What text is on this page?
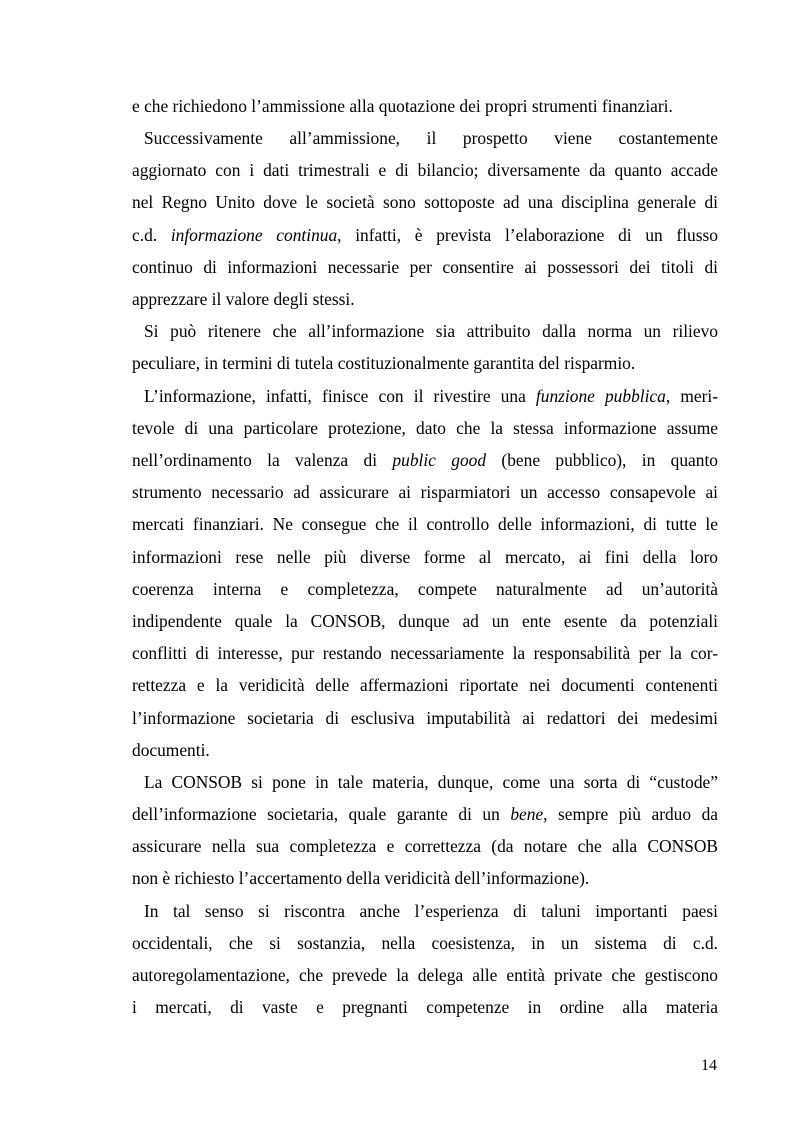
e che richiedono l’ammissione alla quotazione dei propri strumenti finanziari.

Successivamente all’ammissione, il prospetto viene costantemente

aggiornato con i dati trimestrali e di bilancio; diversamente da quanto accade

nel Regno Unito dove le società sono sottoposte ad una disciplina generale di

c.d. informazione continua, infatti, è prevista l’elaborazione di un flusso

continuo di informazioni necessarie per consentire ai possessori dei titoli di

apprezzare il valore degli stessi.

Si può ritenere che all’informazione sia attribuito dalla norma un rilievo

peculiare, in termini di tutela costituzionalmente garantita del risparmio.

L’informazione, infatti, finisce con il rivestire una funzione pubblica, meri-

tevole di una particolare protezione, dato che la stessa informazione assume

nell’ordinamento la valenza di public good (bene pubblico), in quanto

strumento necessario ad assicurare ai risparmiatori un accesso consapevole ai

mercati finanziari. Ne consegue che il controllo delle informazioni, di tutte le

informazioni rese nelle più diverse forme al mercato, ai fini della loro

coerenza interna e completezza, compete naturalmente ad un’autorità

indipendente quale la CONSOB, dunque ad un ente esente da potenziali

conflitti di interesse, pur restando necessariamente la responsabilità per la cor-

rettezza e la veridicità delle affermazioni riportate nei documenti contenenti

l’informazione societaria di esclusiva imputabilità ai redattori dei medesimi

documenti.

La CONSOB si pone in tale materia, dunque, come una sorta di “custode”

dell’informazione societaria, quale garante di un bene, sempre più arduo da

assicurare nella sua completezza e correttezza (da notare che alla CONSOB

non è richiesto l’accertamento della veridicità dell’informazione).

In tal senso si riscontra anche l’esperienza di taluni importanti paesi

occidentali, che si sostanzia, nella coesistenza, in un sistema di c.d.

autoregolamentazione, che prevede la delega alle entità private che gestiscono

i mercati, di vaste e pregnanti competenze in ordine alla materia

14
